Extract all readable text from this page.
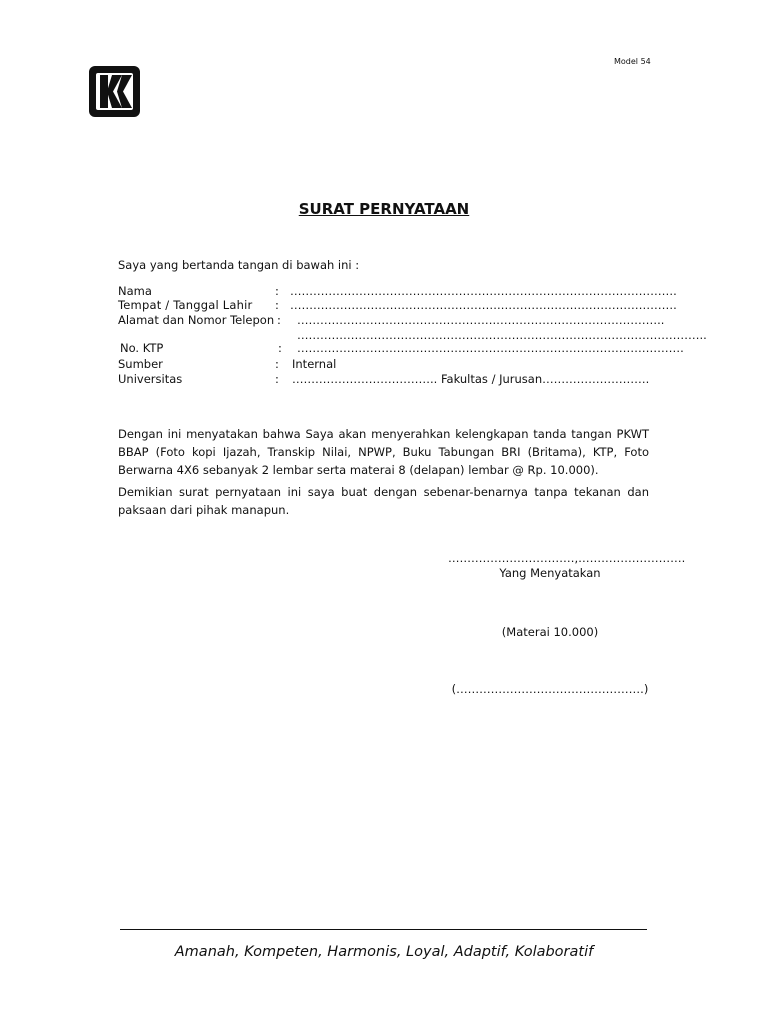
Model 54
SURAT PERNYATAAN
Saya yang bertanda tangan di bawah ini :
Nama	: ……………………………………………….……………………………………….
Tempat / Tanggal Lahir : ……………………………………………….……………………………………….
Alamat dan Nomor Telepon : …………………………………………….……………………………………..
……………………………………………………………………………………………..
No. KTP	: ……………………………………………….……………………………………….
Sumber	: Internal
Universitas	: ……………………………….. Fakultas / Jurusan……………………….
Dengan ini menyatakan bahwa Saya akan menyerahkan kelengkapan tanda tangan PKWT BBAP (Foto kopi Ijazah, Transkip Nilai, NPWP, Buku Tabungan BRI (Britama), KTP, Foto Berwarna 4X6 sebanyak 2 lembar serta materai 8 (delapan) lembar @ Rp. 10.000).
Demikian surat pernyataan ini saya buat dengan sebenar-benarnya tanpa tekanan dan paksaan dari pihak manapun.
……………………………,……………………….
Yang Menyatakan
(Materai 10.000)
(………………………………………….)
Amanah, Kompeten, Harmonis, Loyal, Adaptif, Kolaboratif
